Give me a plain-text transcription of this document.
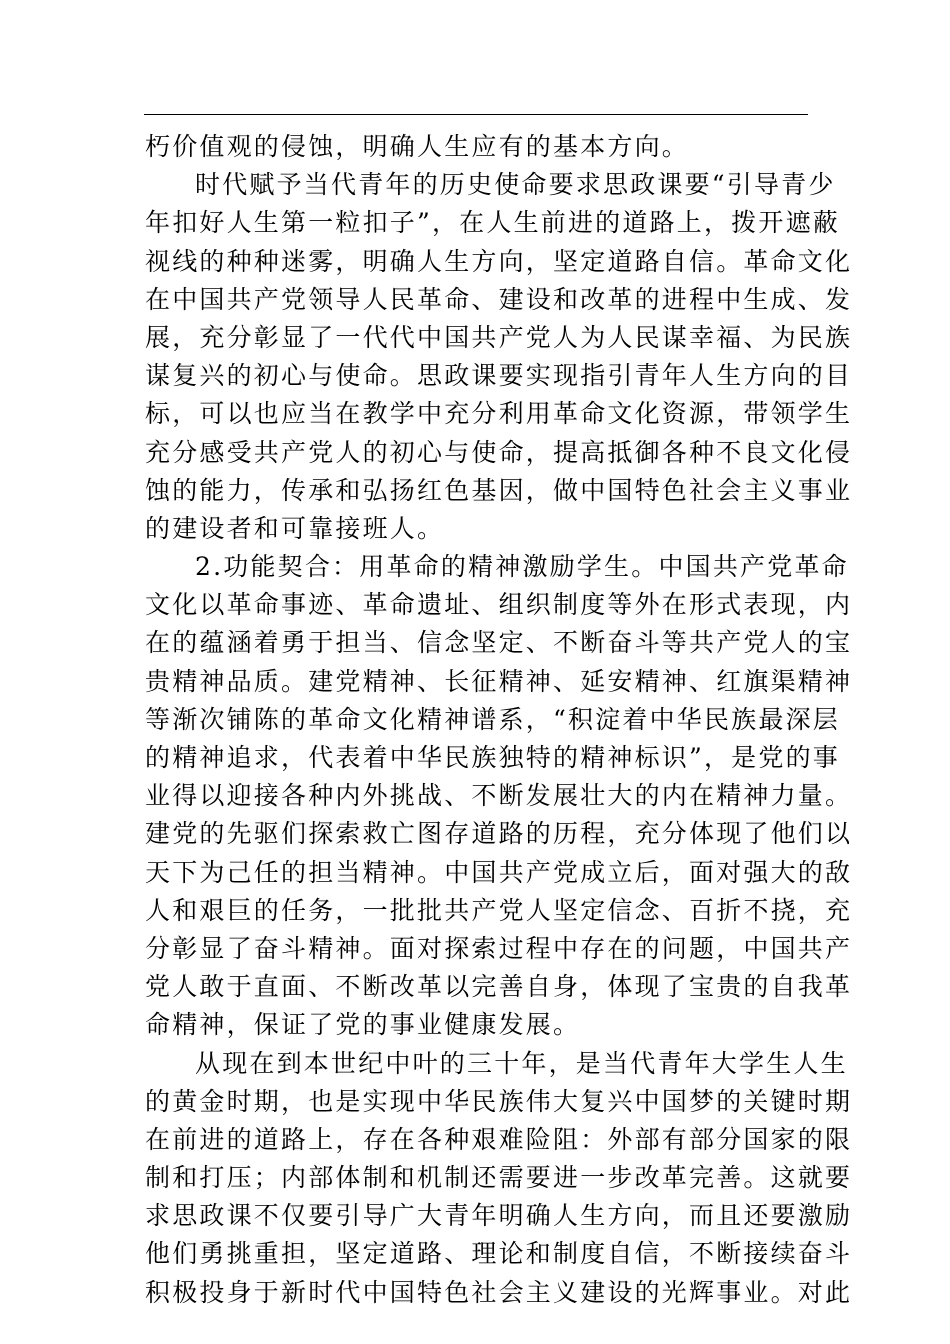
朽价值观的侵蚀，明确人生应有的基本方向。
时代赋予当代青年的历史使命要求思政课要“引导青少
年扣好人生第一粒扣子”，在人生前进的道路上，拨开遮蔽
视线的种种迷雾，明确人生方向，坚定道路自信。革命文化
在中国共产党领导人民革命、建设和改革的进程中生成、发
展，充分彰显了一代代中国共产党人为人民谋幸福、为民族
谋复兴的初心与使命。思政课要实现指引青年人生方向的目
标，可以也应当在教学中充分利用革命文化资源，带领学生
充分感受共产党人的初心与使命，提高抵御各种不良文化侵
蚀的能力，传承和弘扬红色基因，做中国特色社会主义事业
的建设者和可靠接班人。
2.功能契合：用革命的精神激励学生。中国共产党革命
文化以革命事迹、革命遗址、组织制度等外在形式表现，内
在的蕴涵着勇于担当、信念坚定、不断奋斗等共产党人的宝
贵精神品质。建党精神、长征精神、延安精神、红旗渠精神
等渐次铺陈的革命文化精神谱系，“积淀着中华民族最深层
的精神追求，代表着中华民族独特的精神标识”，是党的事
业得以迎接各种内外挑战、不断发展壮大的内在精神力量。
建党的先驱们探索救亡图存道路的历程，充分体现了他们以
天下为己任的担当精神。中国共产党成立后，面对强大的敌
人和艰巨的任务，一批批共产党人坚定信念、百折不挠，充
分彰显了奋斗精神。面对探索过程中存在的问题，中国共产
党人敢于直面、不断改革以完善自身，体现了宝贵的自我革
命精神，保证了党的事业健康发展。
从现在到本世纪中叶的三十年，是当代青年大学生人生
的黄金时期，也是实现中华民族伟大复兴中国梦的关键时期
在前进的道路上，存在各种艰难险阻：外部有部分国家的限
制和打压；内部体制和机制还需要进一步改革完善。这就要
求思政课不仅要引导广大青年明确人生方向，而且还要激励
他们勇挑重担，坚定道路、理论和制度自信，不断接续奋斗
积极投身于新时代中国特色社会主义建设的光辉事业。对此
